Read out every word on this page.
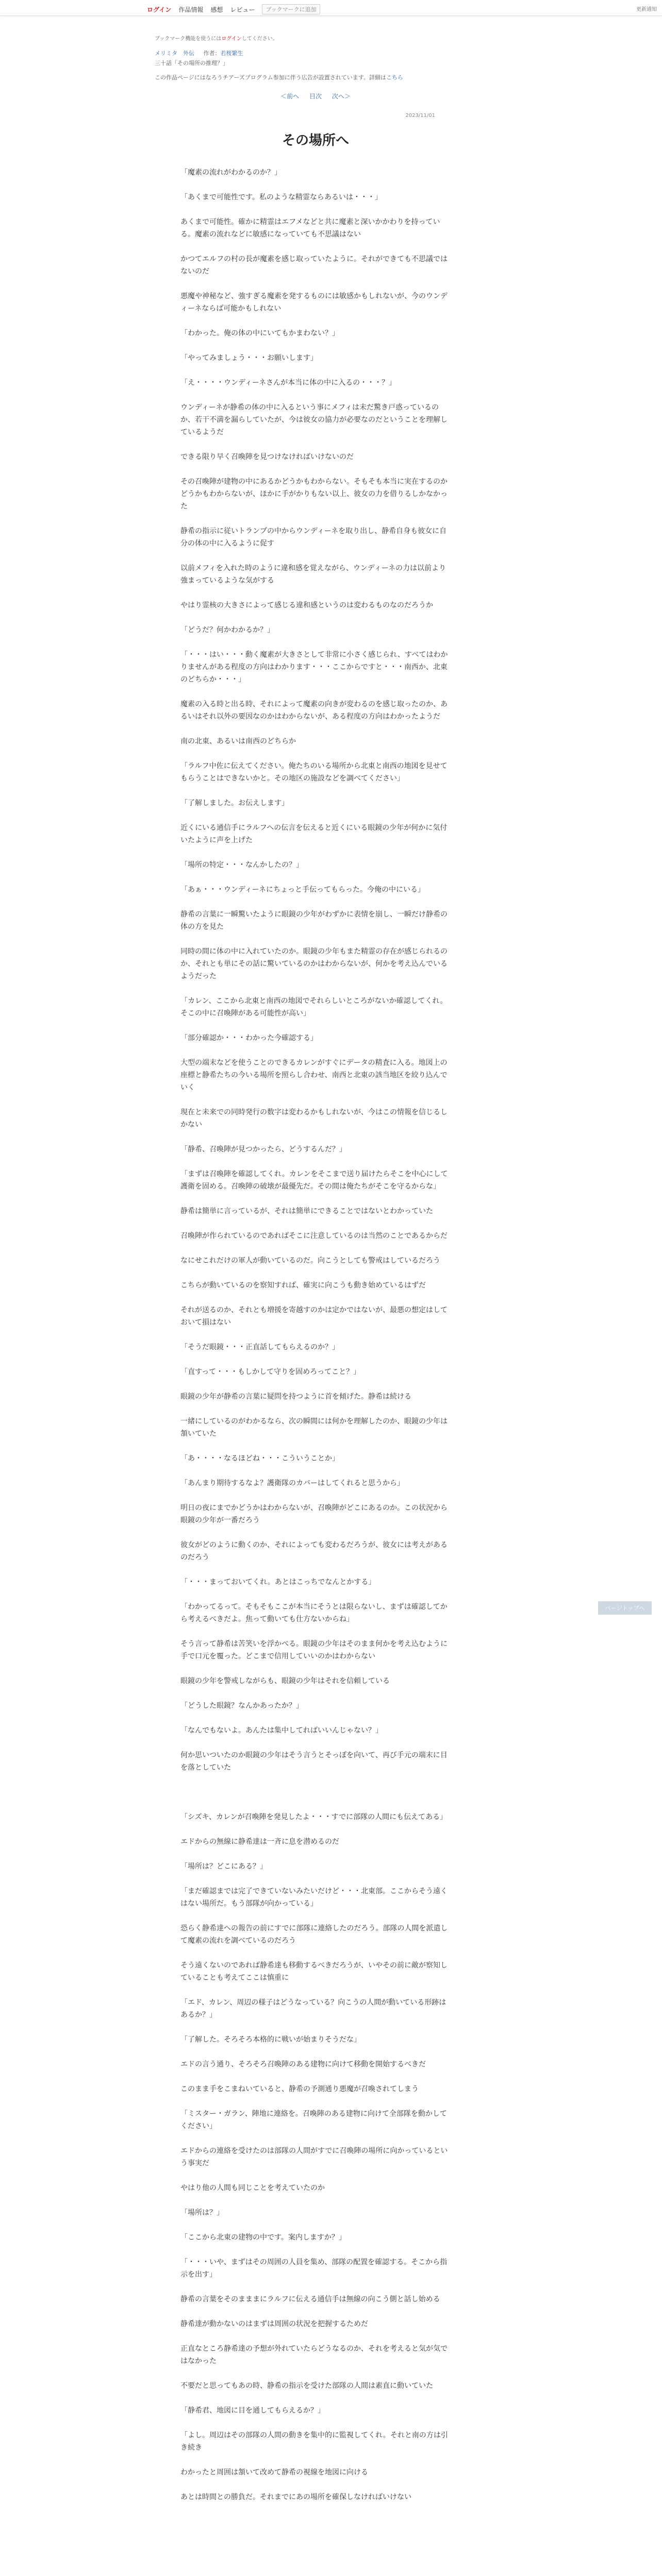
ログイン 作品情報 感想 レビュー	ブックマークに追加	更新通知
ブックマーク機能を使うにはログインしてください。
メリミタ　外伝 作者：若桜繁生
三十話「その場所の推理？」
この作品ページにはなろうチアーズプログラム参加に伴う広告が設置されています。詳細はこちら
＜前へ 目次 次へ＞
2023/11/01
その場所へ

「魔素の流れがわかるのか？」

「あくまで可能性です。私のような精霊ならあるいは・・・」

あくまで可能性。確かに精霊はエフメなどと共に魔素と深いかかわりを持っている。魔素の流れなどに敏感になっていても不思議はない

かつてエルフの村の長が魔素を感じ取っていたように。それができても不思議ではないのだ

悪魔や神秘など、強すぎる魔素を発するものには敏感かもしれないが、今のウンディーネならば可能かもしれない

「わかった。俺の体の中にいてもかまわない？」

「やってみましょう・・・お願いします」

「え・・・・ウンディーネさんが本当に体の中に入るの・・・？」

ウンディーネが静希の体の中に入るという事にメフィは未だ驚き戸惑っているのか、若干不満を漏らしていたが、今は彼女の協力が必要なのだということを理解しているようだ

できる限り早く召喚陣を見つけなければいけないのだ

その召喚陣が建物の中にあるかどうかもわからない。そもそも本当に実在するのかどうかもわからないが、ほかに手がかりもない以上、彼女の力を借りるしかなかった

静希の指示に従いトランプの中からウンディーネを取り出し、静希自身も彼女に自分の体の中に入るように促す

以前メフィを入れた時のように違和感を覚えながら、ウンディーネの力は以前より強まっているような気がする

やはり霊核の大きさによって感じる違和感というのは変わるものなのだろうか

「どうだ？何かわかるか？」

「・・・はい・・・動く魔素が大きさとして非常に小さく感じられ、すべてはわかりませんがある程度の方向はわかります・・・ここからですと・・・南西か、北東のどちらか・・・」

魔素の入る時と出る時、それによって魔素の向きが変わるのを感じ取ったのか、あるいはそれ以外の要因なのかはわからないが、ある程度の方向はわかったようだ

南の北東、あるいは南西のどちらか

「ラルフ中佐に伝えてください。俺たちのいる場所から北東と南西の地図を見せてもらうことはできないかと。その地区の施設などを調べてください」

「了解しました。お伝えします」

近くにいる通信手にラルフへの伝言を伝えると近くにいる眼鏡の少年が何かに気付いたように声を上げた

「場所の特定・・・なんかしたの？」

「あぁ・・・ウンディーネにちょっと手伝ってもらった。今俺の中にいる」

静希の言葉に一瞬驚いたように眼鏡の少年がわずかに表情を崩し、一瞬だけ静希の体の方を見た

同時の間に体の中に入れていたのか。眼鏡の少年もまた精霊の存在が感じられるのか、それとも単にその話に驚いているのかはわからないが、何かを考え込んでいるようだった

「カレン、ここから北東と南西の地図でそれらしいところがないか確認してくれ。そこの中に召喚陣がある可能性が高い」

「部分確認か・・・わかった今確認する」

大型の端末などを使うことのできるカレンがすぐにデータの精査に入る。地図上の座標と静希たちの今いる場所を照らし合わせ、南西と北東の該当地区を絞り込んでいく

現在と未来での同時発行の数字は変わるかもしれないが、今はこの情報を信じるしかない

「静希、召喚陣が見つかったら、どうするんだ？」

「まずは召喚陣を確認してくれ。カレンをそこまで送り届けたらそこを中心にして護衛を固める。召喚陣の破壊が最優先だ。その間は俺たちがそこを守るからな」

静希は簡単に言っているが、それは簡単にできることではないとわかっていた

召喚陣が作られているのであればそこに注意しているのは当然のことであるからだ

なにせこれだけの軍人が動いているのだ。向こうとしても警戒はしているだろう

こちらが動いているのを察知すれば、確実に向こうも動き始めているはずだ

それが送るのか、それとも増援を寄越すのかは定かではないが、最悪の想定はしておいて損はない

「そうだ眼鏡・・・正直話してもらえるのか？」

「直すって・・・もしかして守りを固めろってこと？」

眼鏡の少年が静希の言葉に疑問を持つように首を傾げた。静希は続ける

一緒にしているのがわかるなら、次の瞬間には何かを理解したのか、眼鏡の少年は頷いていた

「あ・・・・なるほどね・・・こういうことか」

「あんまり期待するなよ？護衛隊のカバーはしてくれると思うから」

明日の夜にまでかどうかはわからないが、召喚陣がどこにあるのか。この状況から眼鏡の少年が一番だろう

彼女がどのように動くのか、それによっても変わるだろうが、彼女には考えがあるのだろう

「・・・まっておいてくれ。あとはこっちでなんとかする」

「わかってるって。そもそもここが本当にそうとは限らないし、まずは確認してから考えるべきだよ。焦って動いても仕方ないからね」

そう言って静希は苦笑いを浮かべる。眼鏡の少年はそのまま何かを考え込むように手で口元を覆った。どこまで信用していいのかはわからない

眼鏡の少年を警戒しながらも、眼鏡の少年はそれを信頼している

「どうした眼鏡？なんかあったか？」

「なんでもないよ。あんたは集中してればいいんじゃない？」

何か思いついたのか眼鏡の少年はそう言うとそっぽを向いて、再び手元の端末に目を落としていた

「シズキ、カレンが召喚陣を発見したよ・・・すでに部隊の人間にも伝えてある」

エドからの無線に静希達は一斉に息を潜めるのだ

「場所は？どこにある？」

「まだ確認までは完了できていないみたいだけど・・・北東部。ここからそう遠くはない場所だ。もう部隊が向かっている」

恐らく静希達への報告の前にすでに部隊に連絡したのだろう。部隊の人間を派遣して魔素の流れを調べているのだろう

そう遠くないのであれば静希達も移動するべきだろうが、いやその前に敵が察知していることも考えてここは慎重に

「エド、カレン、周辺の様子はどうなっている？向こうの人間が動いている形跡はあるか？」

「了解した。そろそろ本格的に戦いが始まりそうだな」

エドの言う通り、そろそろ召喚陣のある建物に向けて移動を開始するべきだ

このまま手をこまねいていると、静希の予測通り悪魔が召喚されてしまう

「ミスター・ガラン、陣地に連絡を。召喚陣のある建物に向けて全部隊を動かしてください」

エドからの連絡を受けたのは部隊の人間がすでに召喚陣の場所に向かっているという事実だ

やはり他の人間も同じことを考えていたのか

「場所は？」

「ここから北東の建物の中です。案内しますか？」

「・・・いや、まずはその周囲の人員を集め、部隊の配置を確認する。そこから指示を出す」

静希の言葉をそのまままにラルフに伝える通信手は無線の向こう側と話し始める

静希達が動かないのはまずは周囲の状況を把握するためだ

正直なところ静希達の予想が外れていたらどうなるのか、それを考えると気が気ではなかった

不要だと思ってもあの時、静希の指示を受けた部隊の人間は素直に動いていた

「静希君、地図に目を通してもらえるか？」

「よし。周辺はその部隊の人間の動きを集中的に監視してくれ。それと南の方は引き続き

わかったと周囲は頷いて改めて静希の視線を地図に向ける

あとは時間との勝負だ。それまでにあの場所を確保しなければいけない

ページトップへ
